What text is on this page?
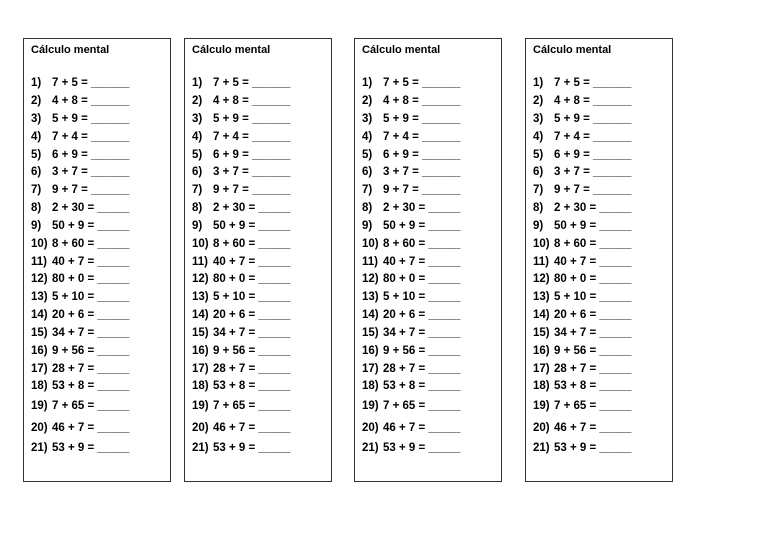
Cálculo mental
1) 7 + 5 = ______
2) 4 + 8 = ______
3) 5 + 9 = ______
4) 7 + 4 = ______
5) 6 + 9 = ______
6) 3 + 7 = ______
7) 9 + 7 = ______
8) 2 + 30 = _____
9) 50 + 9 = _____
10) 8 + 60 = _____
11) 40 + 7 = _____
12) 80 + 0 = _____
13) 5 + 10 = _____
14) 20 + 6 = _____
15) 34 + 7 = _____
16) 9 + 56 = _____
17) 28 + 7 = _____
18) 53 + 8 = _____
19) 7 + 65 = _____
20) 46 + 7 = _____
21) 53 + 9 = _____
Cálculo mental
1) 7 + 5 = ______
2) 4 + 8 = ______
3) 5 + 9 = ______
4) 7 + 4 = ______
5) 6 + 9 = ______
6) 3 + 7 = ______
7) 9 + 7 = ______
8) 2 + 30 = _____
9) 50 + 9 = _____
10) 8 + 60 = _____
11) 40 + 7 = _____
12) 80 + 0 = _____
13) 5 + 10 = _____
14) 20 + 6 = _____
15) 34 + 7 = _____
16) 9 + 56 = _____
17) 28 + 7 = _____
18) 53 + 8 = _____
19) 7 + 65 = _____
20) 46 + 7 = _____
21) 53 + 9 = _____
Cálculo mental
1) 7 + 5 = ______
2) 4 + 8 = ______
3) 5 + 9 = ______
4) 7 + 4 = ______
5) 6 + 9 = ______
6) 3 + 7 = ______
7) 9 + 7 = ______
8) 2 + 30 = _____
9) 50 + 9 = _____
10) 8 + 60 = _____
11) 40 + 7 = _____
12) 80 + 0 = _____
13) 5 + 10 = _____
14) 20 + 6 = _____
15) 34 + 7 = _____
16) 9 + 56 = _____
17) 28 + 7 = _____
18) 53 + 8 = _____
19) 7 + 65 = _____
20) 46 + 7 = _____
21) 53 + 9 = _____
Cálculo mental
1) 7 + 5 = ______
2) 4 + 8 = ______
3) 5 + 9 = ______
4) 7 + 4 = ______
5) 6 + 9 = ______
6) 3 + 7 = ______
7) 9 + 7 = ______
8) 2 + 30 = _____
9) 50 + 9 = _____
10) 8 + 60 = _____
11) 40 + 7 = _____
12) 80 + 0 = _____
13) 5 + 10 = _____
14) 20 + 6 = _____
15) 34 + 7 = _____
16) 9 + 56 = _____
17) 28 + 7 = _____
18) 53 + 8 = _____
19) 7 + 65 = _____
20) 46 + 7 = _____
21) 53 + 9 = _____
